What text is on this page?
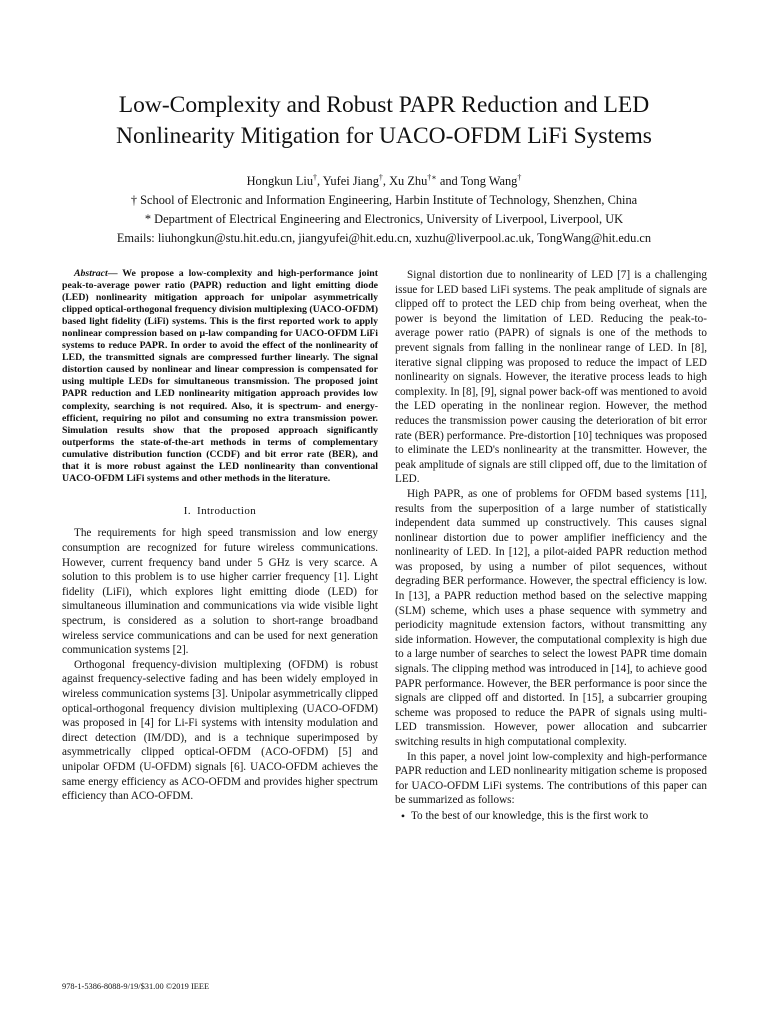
Low-Complexity and Robust PAPR Reduction and LED
Nonlinearity Mitigation for UACO-OFDM LiFi Systems
Hongkun Liu†, Yufei Jiang†, Xu Zhu†∗ and Tong Wang†
† School of Electronic and Information Engineering, Harbin Institute of Technology, Shenzhen, China
* Department of Electrical Engineering and Electronics, University of Liverpool, Liverpool, UK
Emails: liuhongkun@stu.hit.edu.cn, jiangyufei@hit.edu.cn, xuzhu@liverpool.ac.uk, TongWang@hit.edu.cn

Abstract— We propose a low-complexity and high-performance joint peak-to-average power ratio (PAPR) reduction and light emitting diode (LED) nonlinearity mitigation approach for unipolar asymmetrically clipped optical-orthogonal frequency division multiplexing (UACO-OFDM) based light fidelity (LiFi) systems. This is the first reported work to apply nonlinear compression based on μ-law companding for UACO-OFDM LiFi systems to reduce PAPR. In order to avoid the effect of the nonlinearity of LED, the transmitted signals are compressed further linearly. The signal distortion caused by nonlinear and linear compression is compensated for using multiple LEDs for simultaneous transmission. The proposed joint PAPR reduction and LED nonlinearity mitigation approach provides low complexity, searching is not required. Also, it is spectrum- and energy- efficient, requiring no pilot and consuming no extra transmission power. Simulation results show that the proposed approach significantly outperforms the state-of-the-art methods in terms of complementary cumulative distribution function (CCDF) and bit error rate (BER), and that it is more robust against the LED nonlinearity than conventional UACO-OFDM LiFi systems and other methods in the literature.

I. Introduction

The requirements for high speed transmission and low energy consumption are recognized for future wireless communications. However, current frequency band under 5 GHz is very scarce. A solution to this problem is to use higher carrier frequency [1]. Light fidelity (LiFi), which explores light emitting diode (LED) for simultaneous illumination and communications via wide visible light spectrum, is considered as a solution to short-range broadband wireless service communications and can be used for next generation communication systems [2].

Orthogonal frequency-division multiplexing (OFDM) is robust against frequency-selective fading and has been widely employed in wireless communication systems [3]. Unipolar asymmetrically clipped optical-orthogonal frequency division multiplexing (UACO-OFDM) was proposed in [4] for Li-Fi systems with intensity modulation and direct detection (IM/DD), and is a technique superimposed by asymmetrically clipped optical-OFDM (ACO-OFDM) [5] and unipolar OFDM (U-OFDM) signals [6]. UACO-OFDM achieves the same energy efficiency as ACO-OFDM and provides higher spectrum efficiency than ACO-OFDM.

Signal distortion due to nonlinearity of LED [7] is a challenging issue for LED based LiFi systems. The peak amplitude of signals are clipped off to protect the LED chip from being overheat, when the power is beyond the limitation of LED. Reducing the peak-to-average power ratio (PAPR) of signals is one of the methods to prevent signals from falling in the nonlinear range of LED. In [8], iterative signal clipping was proposed to reduce the impact of LED nonlinearity on signals. However, the iterative process leads to high complexity. In [8], [9], signal power back-off was mentioned to avoid the LED operating in the nonlinear region. However, the method reduces the transmission power causing the deterioration of bit error rate (BER) performance. Pre-distortion [10] techniques was proposed to eliminate the LED's nonlinearity at the transmitter. However, the peak amplitude of signals are still clipped off, due to the limitation of LED.

High PAPR, as one of problems for OFDM based systems [11], results from the superposition of a large number of statistically independent data summed up constructively. This causes signal nonlinear distortion due to power amplifier inefficiency and the nonlinearity of LED. In [12], a pilot-aided PAPR reduction method was proposed, by using a number of pilot sequences, without degrading BER performance. However, the spectral efficiency is low. In [13], a PAPR reduction method based on the selective mapping (SLM) scheme, which uses a phase sequence with symmetry and periodicity magnitude extension factors, without transmitting any side information. However, the computational complexity is high due to a large number of searches to select the lowest PAPR time domain signals. The clipping method was introduced in [14], to achieve good PAPR performance. However, the BER performance is poor since the signals are clipped off and distorted. In [15], a subcarrier grouping scheme was proposed to reduce the PAPR of signals using multi-LED transmission. However, power allocation and subcarrier switching results in high computational complexity.

In this paper, a novel joint low-complexity and high-performance PAPR reduction and LED nonlinearity mitigation scheme is proposed for UACO-OFDM LiFi systems. The contributions of this paper can be summarized as follows:

• To the best of our knowledge, this is the first work to
978-1-5386-8088-9/19/$31.00 ©2019 IEEE
